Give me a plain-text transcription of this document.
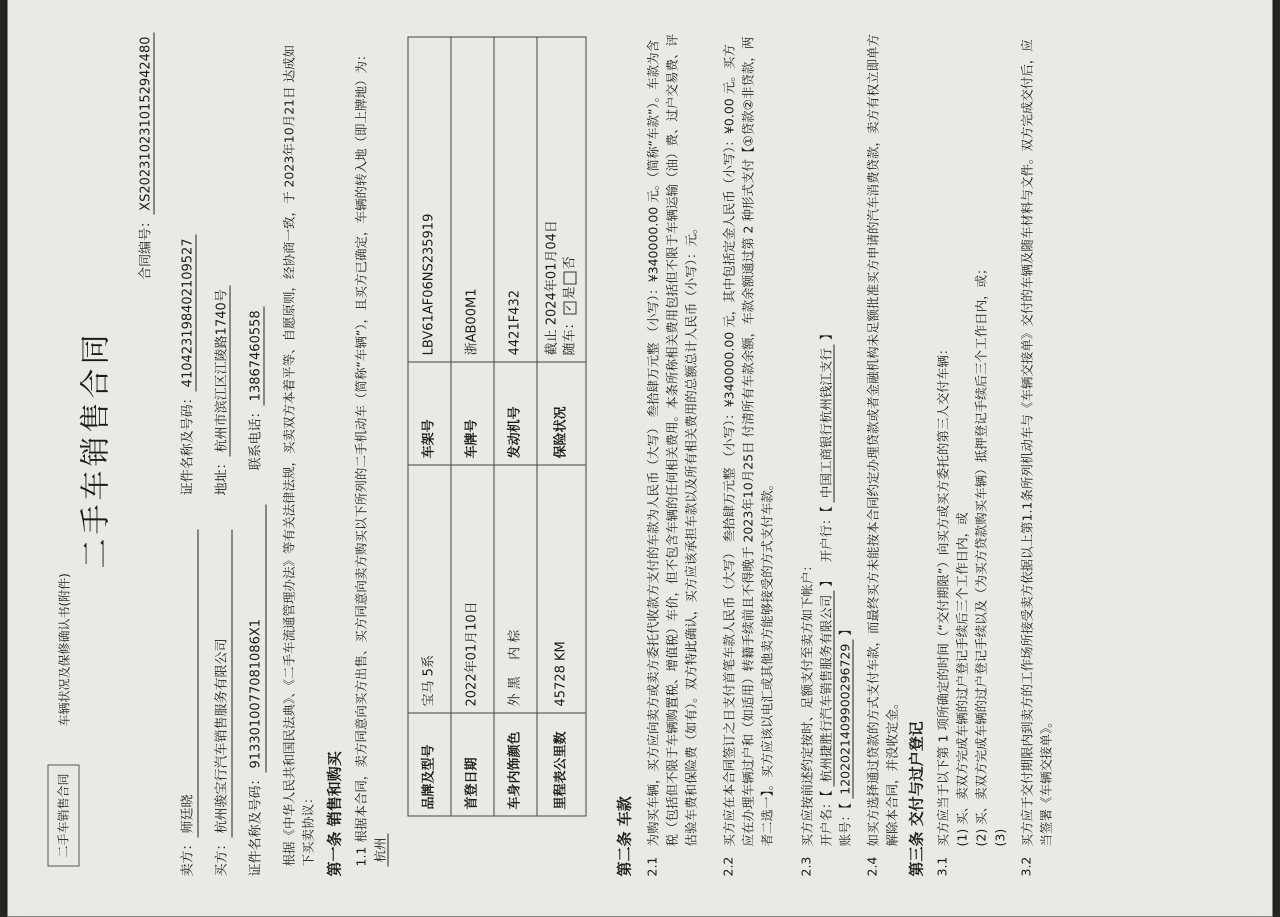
二手车销售合同
车辆状况及保修确认书(附件)
二手车销售合同
合同编号：XS20231023101529424​80
卖方：师廷晓 证件名称及号码：410423198402109527
买方：杭州骏宝行汽车销售服务有限公司 地址：杭州市滨江区江陵路1740号
证件名称及号码：91330100770810​86X1 联系电话：13867460558 根据《中华人民共和国民法典》、《二手车流通管理办法》等有关法律法规，买卖双方本着平等、自愿原则，经协商一致，于 2023年10月21日 达成如下买卖协议： 第一条 销售和购买 1.1 根据本合同，卖方同意向买方出售、买方同意向卖方购买以下所列的二手机动车（简称“车辆”），且买方已确定，车辆的转入地（即上牌地）为： 杭州
品牌及型号	宝马 5系	车架号	LBV61AF06NS235919
首登日期	2022年01月10日	车牌号	浙AB00M1
车身内饰颜色	外 黑    内 棕	发动机号	4421F432
里程表公里数	45728 KM	保险状况	截止 2024年01月04日 随车：✓是否
第二条 车款 2.1
为购买车辆，买方应向卖方或卖方委托代收款方支付的车款为人民币（大写） 叁拾肆万元整 （小写）：¥340000.00 元。（简称“车款”）。车款为含税（包括但不限于车辆购置税、增值税）车价，但不包含车辆的任何相关费用。本条所称相关费用包括但不限于车辆运输（油）费、过户交易费、评估验车费和保险费（如有）。双方特此确认，买方应该承担车款以及所有相关费用的总额总计人民币（小写）：元。
2.2
买方应在本合同签订之日支付首笔车款人民币（大写） 叁拾肆万元整 （小写）：¥340000.00 元，其中包括定金人民币（小写）：¥0.00 元。买方应在办理车辆过户和（如适用）转籍手续前且不得晚于 2023年10月25日 付清所有车款余额，车款余额通过第 2 种形式支付【①贷款②非贷款，两者二选一】。买方应该以电汇或其他卖方能够接受的方式支付车款。
2.3
买方应按前述约定按时、足额支付至卖方如下帐户： 开户名：【 杭州捷胜行汽车销售服务有限公司 】   开户行：【 中国工商银行杭州钱江支行 】
账号：【 1202021409900296729 】
2.4
如买方选择通过贷款的方式支付车款，而最终买方未能按本合同约定办理贷款或者金融机构未足额批准买方申请的汽车消费贷款，卖方有权立即单方解除本合同，并没收定金。 第三条 交付与过户登记 3.1
买方应当于以下第 1 项所确定的时间（“交付期限”）向买方或买方委托的第三人交付车辆： (1) 买、卖双方完成车辆的过户登记手续后三个工作日内，或 (2) 买、卖双方完成车辆的过户登记手续以及（为买方贷款购买车辆）抵押登记手续后三个工作日内，或； (3)
3.2
买方应于交付期限内到卖方的工作场所接受卖方依据以上第1.1条所列机动车与《车辆交接单》交付的车辆及随车材料与文件。双方完成交付后，应当签署《车辆交接单》。
